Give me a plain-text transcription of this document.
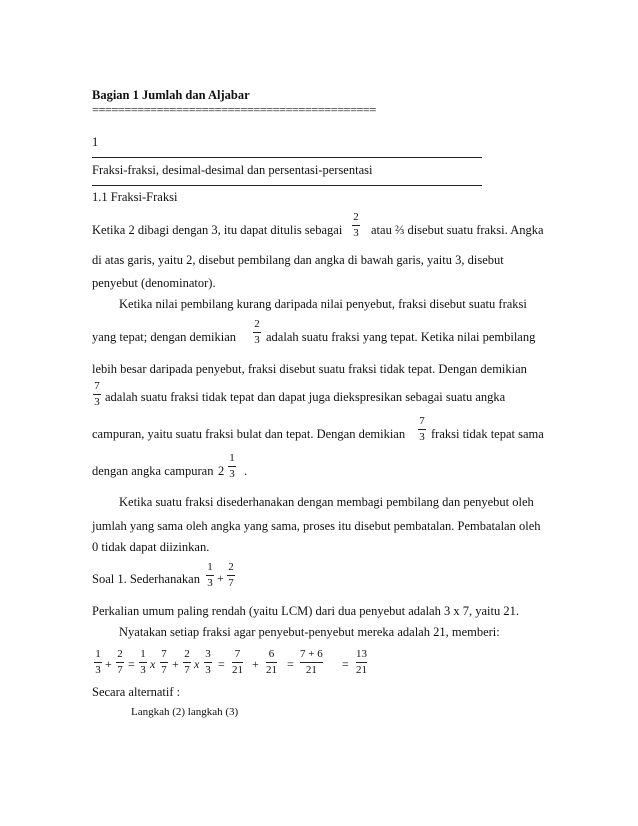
Bagian 1 Jumlah dan Aljabar
============================================
1
Fraksi-fraksi, desimal-desimal dan persentasi-persentasi
1.1 Fraksi-Fraksi
Ketika 2 dibagi dengan 3, itu dapat ditulis sebagai
2
3 atau ⅔ disebut suatu fraksi. Angka
di atas garis, yaitu 2, disebut pembilang dan angka di bawah garis, yaitu 3, disebut
penyebut (denominator).
Ketika nilai pembilang kurang daripada nilai penyebut, fraksi disebut suatu fraksi
yang tepat; dengan demikian
2
3 adalah suatu fraksi yang tepat. Ketika nilai pembilang
lebih besar daripada penyebut, fraksi disebut suatu fraksi tidak tepat. Dengan demikian
7
3 adalah suatu fraksi tidak tepat dan dapat juga diekspresikan sebagai suatu angka
campuran, yaitu suatu fraksi bulat dan tepat. Dengan demikian
7
3 fraksi tidak tepat sama
dengan angka campuran 2
1
3 .
Ketika suatu fraksi disederhanakan dengan membagi pembilang dan penyebut oleh
jumlah yang sama oleh angka yang sama, proses itu disebut pembatalan. Pembatalan oleh
0 tidak dapat diizinkan.
Soal 1. Sederhanakan
1
3 +
2
7
Perkalian umum paling rendah (yaitu LCM) dari dua penyebut adalah 3 x 7, yaitu 21.
Nyatakan setiap fraksi agar penyebut-penyebut mereka adalah 21, memberi:
1
3 +
2
7 =
1
3 x
7
7 +
2
7 x
3
3 =
7
21 +
6
21 =
7 + 6
21 =
13
21
Secara alternatif :
Langkah (2) langkah (3)
